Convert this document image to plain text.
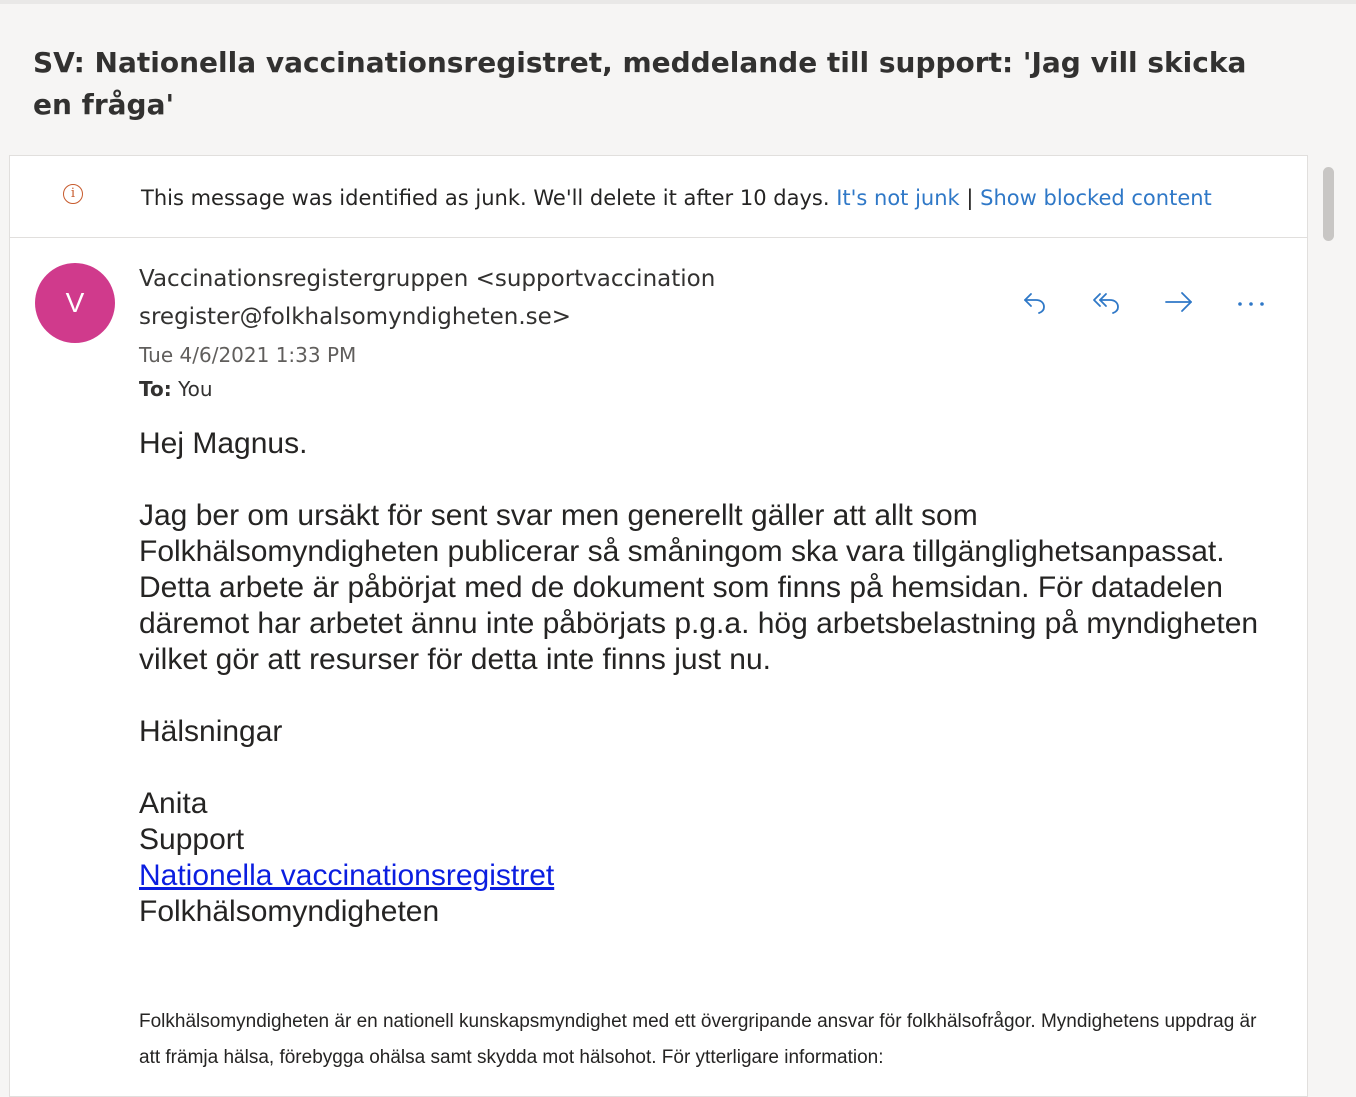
SV: Nationella vaccinationsregistret, meddelande till support: 'Jag vill skicka en fråga'
i	This message was identified as junk. We'll delete it after 10 days. It's not junk | Show blocked content
V
Vaccinationsregistergruppen <supportvaccinationsregister@folkhalsomyndigheten.se>
Tue 4/6/2021 1:33 PM
To: You

Hej Magnus.

Jag ber om ursäkt för sent svar men generellt gäller att allt som Folkhälsomyndigheten publicerar så småningom ska vara tillgänglighetsanpassat. Detta arbete är påbörjat med de dokument som finns på hemsidan. För datadelen däremot har arbetet ännu inte påbörjats p.g.a. hög arbetsbelastning på myndigheten vilket gör att resurser för detta inte finns just nu.

Hälsningar

Anita
Support
Nationella vaccinationsregistret
Folkhälsomyndigheten
Folkhälsomyndigheten är en nationell kunskapsmyndighet med ett övergripande ansvar för folkhälsofrågor. Myndighetens uppdrag är att främja hälsa, förebygga ohälsa samt skydda mot hälsohot. För ytterligare information:
